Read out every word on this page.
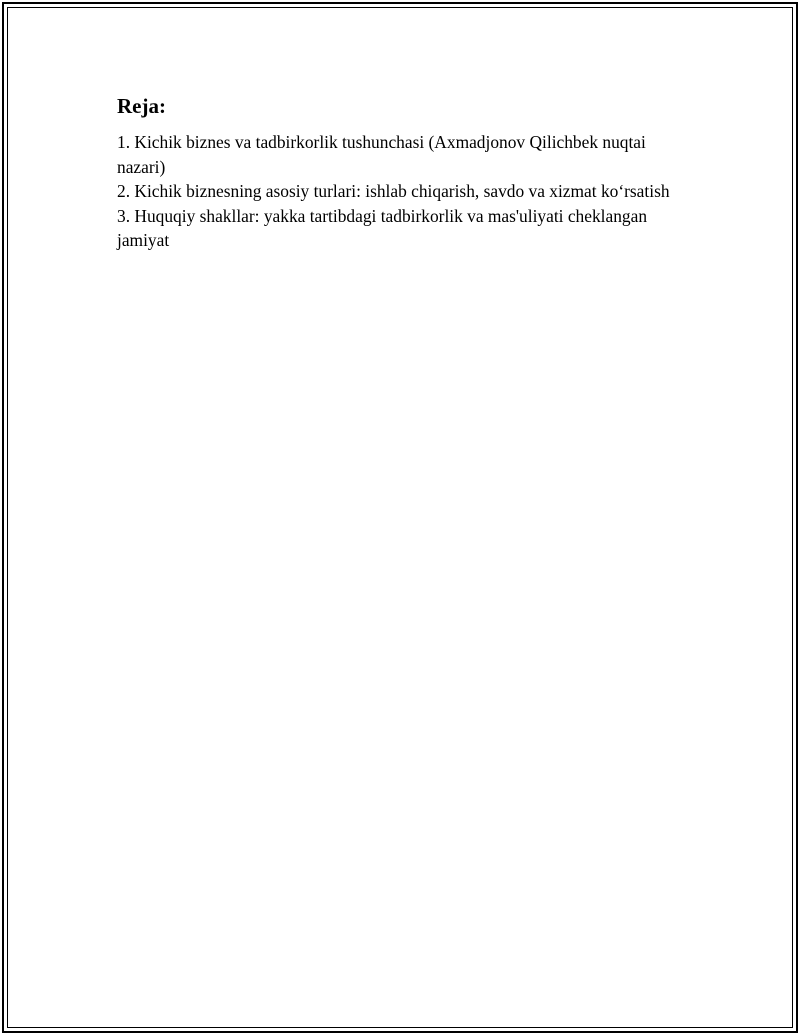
Reja:
1. Kichik biznes va tadbirkorlik tushunchasi (Axmadjonov Qilichbek nuqtai nazari)
2. Kichik biznesning asosiy turlari: ishlab chiqarish, savdo va xizmat ko‘rsatish
3. Huquqiy shakllar: yakka tartibdagi tadbirkorlik va mas'uliyati cheklangan jamiyat
